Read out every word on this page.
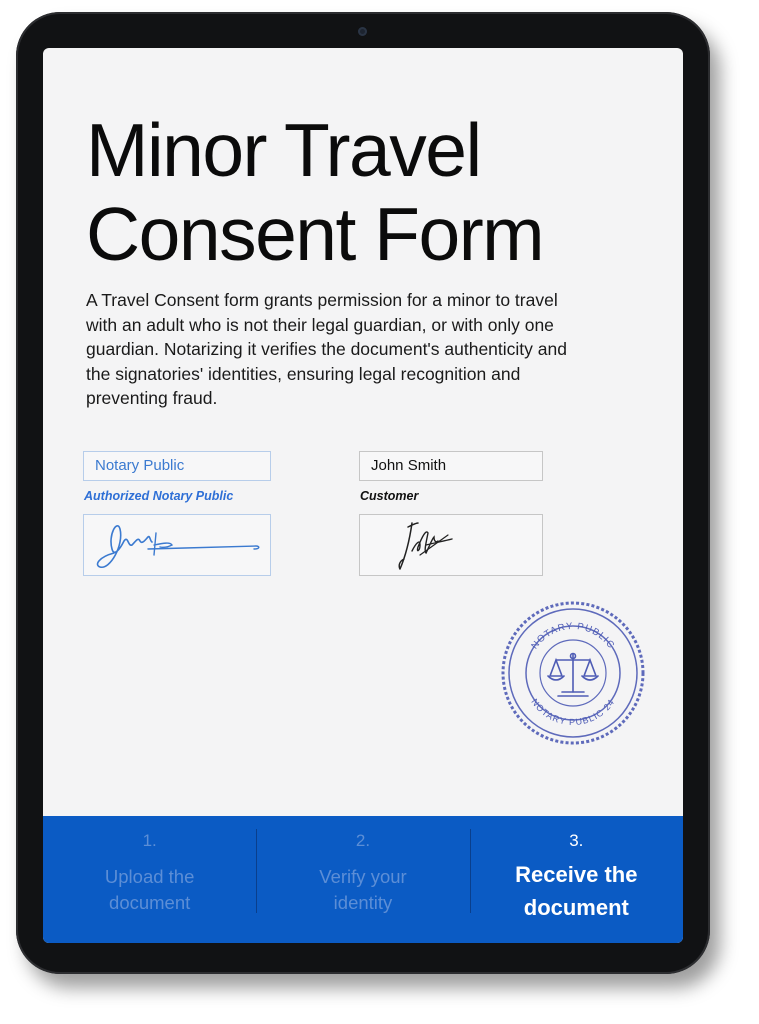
Minor Travel Consent Form

A Travel Consent form grants permission for a minor to travel with an adult who is not their legal guardian, or with only one guardian. Notarizing it verifies the document's authenticity and the signatories' identities, ensuring legal recognition and preventing fraud.

Notary Public
Authorized Notary Public
John Smith
Customer
NOTARY PUBLIC
NOTARY PUBLIC 24
1.
Upload the document
2.
Verify your identity
3.
Receive the document
